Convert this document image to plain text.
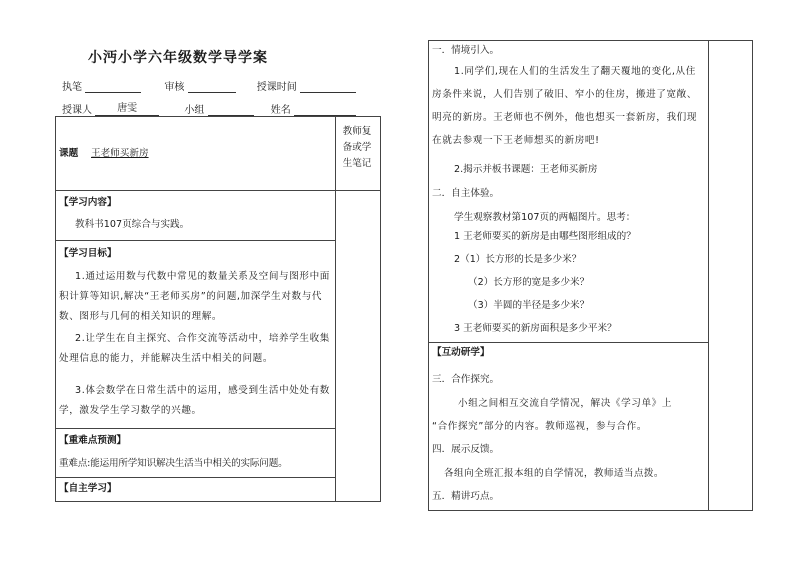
小沔小学六年级数学导学案
执笔	审核	授课时间
授课人	唐雯	小组	姓名
课题 王老师买新房
教师复备或学生笔记
【学习内容】
教科书107页综合与实践。
【学习目标】
1.通过运用数与代数中常见的数量关系及空间与图形中面积计算等知识,解决“王老师买房”的问题,加深学生对数与代数、图形与几何的相关知识的理解。
2.让学生在自主探究、合作交流等活动中，培养学生收集处理信息的能力，并能解决生活中相关的问题。
3.体会数学在日常生活中的运用，感受到生活中处处有数学，激发学生学习数学的兴趣。
【重难点预测】
重难点:能运用所学知识解决生活当中相关的实际问题。
【自主学习】
一．情境引入。
1.同学们,现在人们的生活发生了翻天覆地的变化,从住房条件来说，人们告别了破旧、窄小的住房，搬进了宽敞、明亮的新房。王老师也不例外，他也想买一套新房，我们现在就去参观一下王老师想买的新房吧!
2.揭示并板书课题：王老师买新房
二．自主体验。
学生观察教材第107页的两幅图片。思考：
1 王老师要买的新房是由哪些图形组成的？
2（1）长方形的长是多少米？
（2）长方形的宽是多少米？
（3）半圆的半径是多少米？
3 王老师要买的新房面积是多少平米？
【互动研学】
三．合作探究。
小组之间相互交流自学情况，解决《学习单》上
“合作探究”部分的内容。教师巡视，参与合作。
四．展示反馈。
各组向全班汇报本组的自学情况，教师适当点拨。
五．精讲巧点。
